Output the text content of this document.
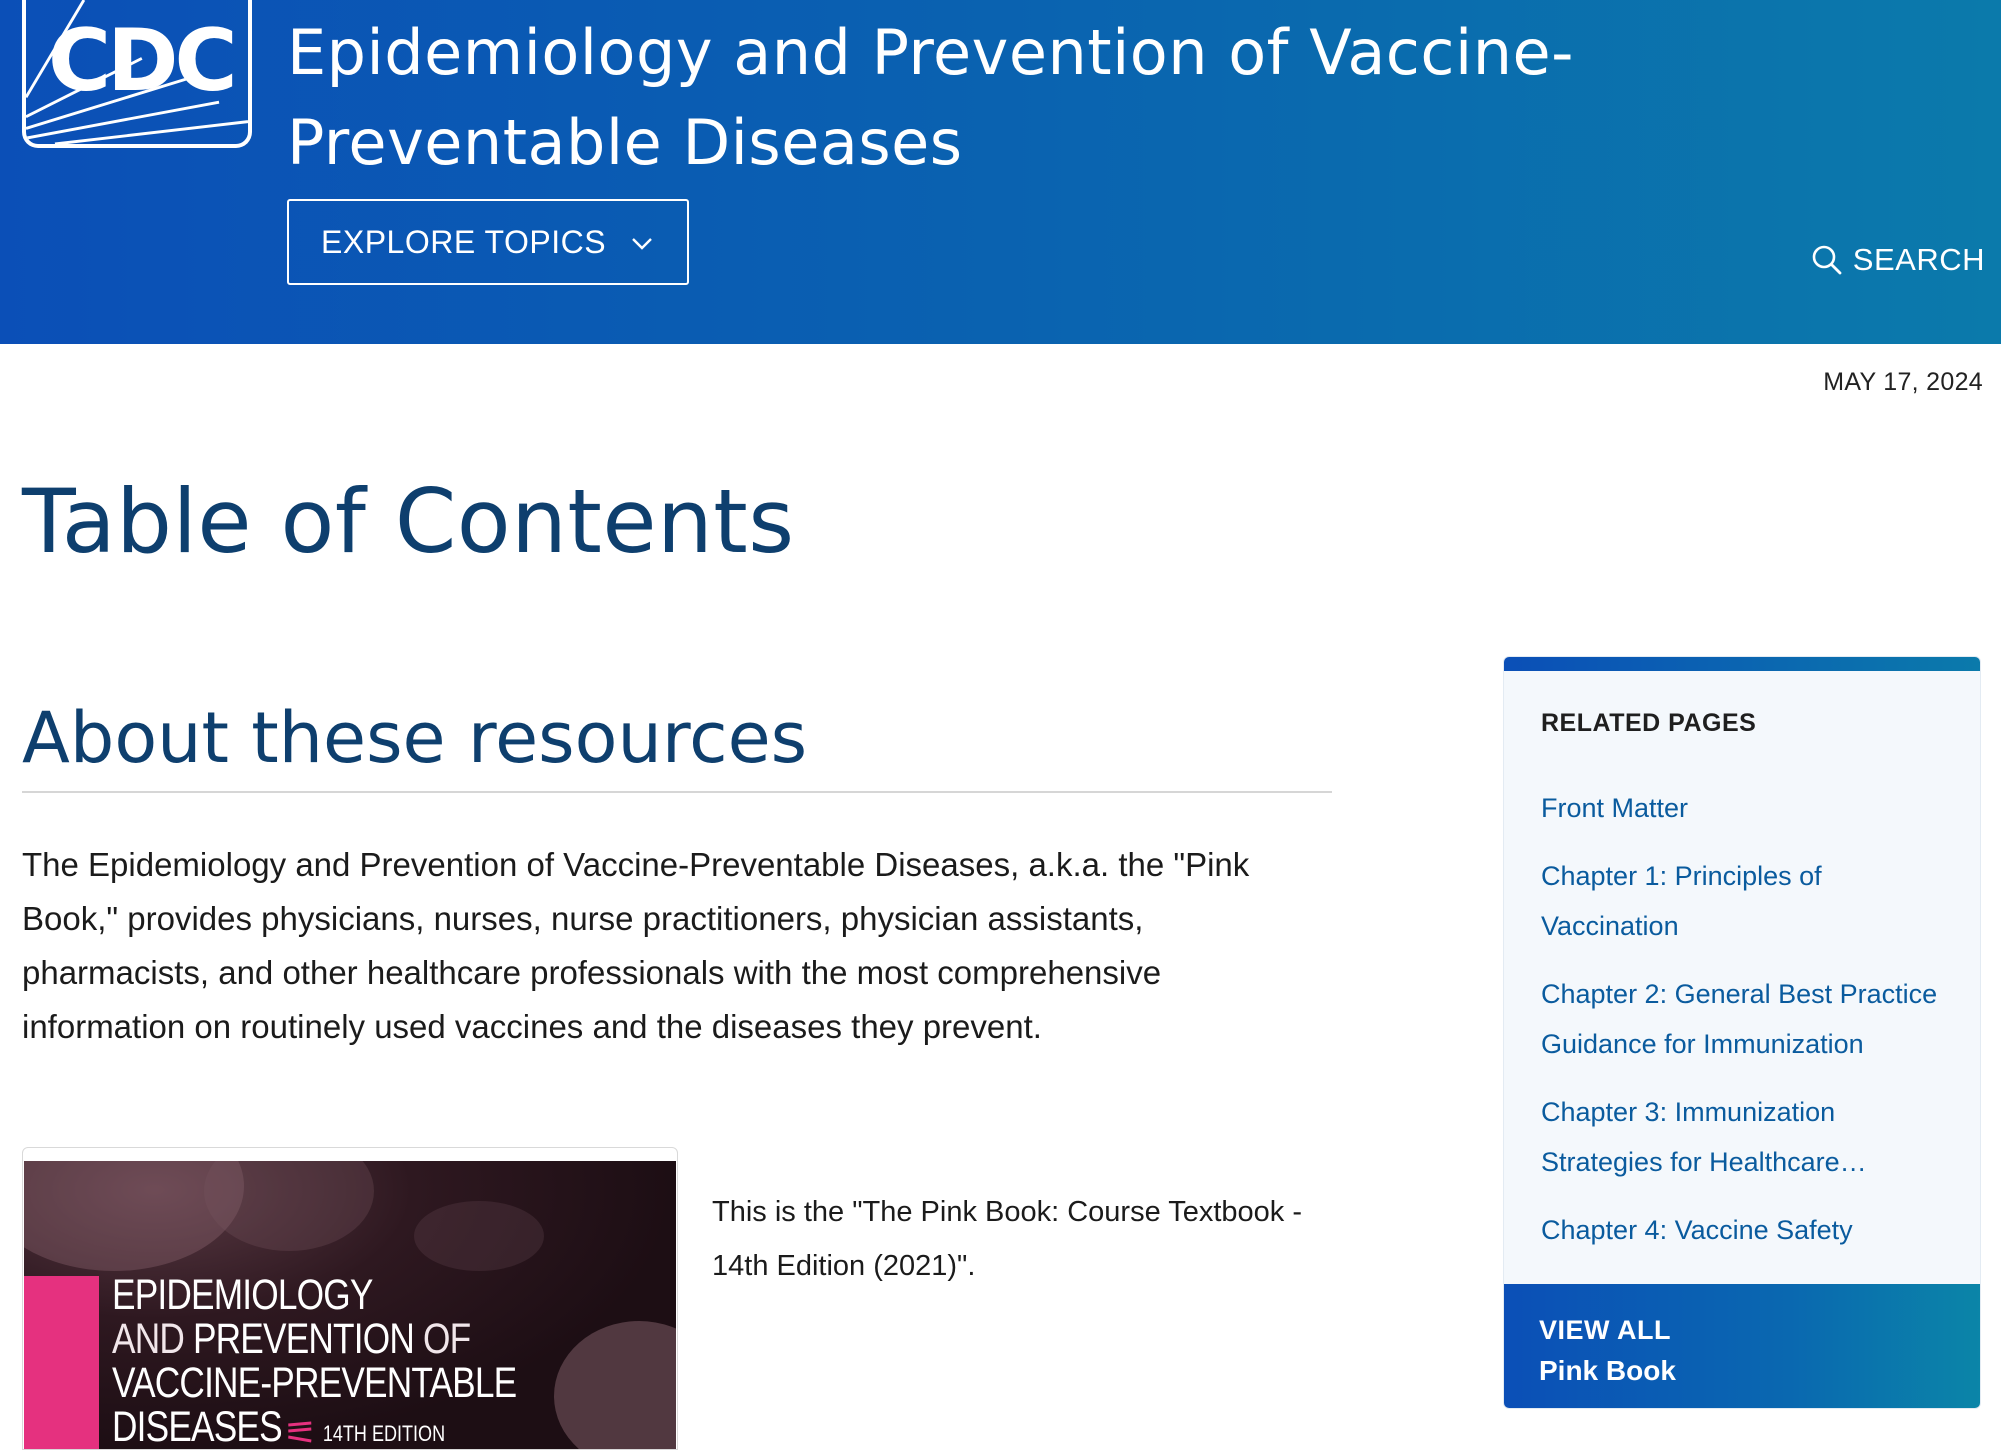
CDC Epidemiology and Prevention of Vaccine-Preventable Diseases
EXPLORE TOPICS	SEARCH
MAY 17, 2024
Table of Contents
About these resources

The Epidemiology and Prevention of Vaccine-Preventable Diseases, a.k.a. the "Pink Book," provides physicians, nurses, nurse practitioners, physician assistants, pharmacists, and other healthcare professionals with the most comprehensive information on routinely used vaccines and the diseases they prevent.

EPIDEMIOLOGY
AND PREVENTION OF
VACCINE-PREVENTABLE
DISEASES 14TH EDITION

This is the "The Pink Book: Course Textbook - 14th Edition (2021)".

RELATED PAGES
Front Matter
Chapter 1: Principles of Vaccination
Chapter 2: General Best Practice Guidance for Immunization
Chapter 3: Immunization Strategies for Healthcare
Chapter 4: Vaccine Safety
VIEW ALL
Pink Book
